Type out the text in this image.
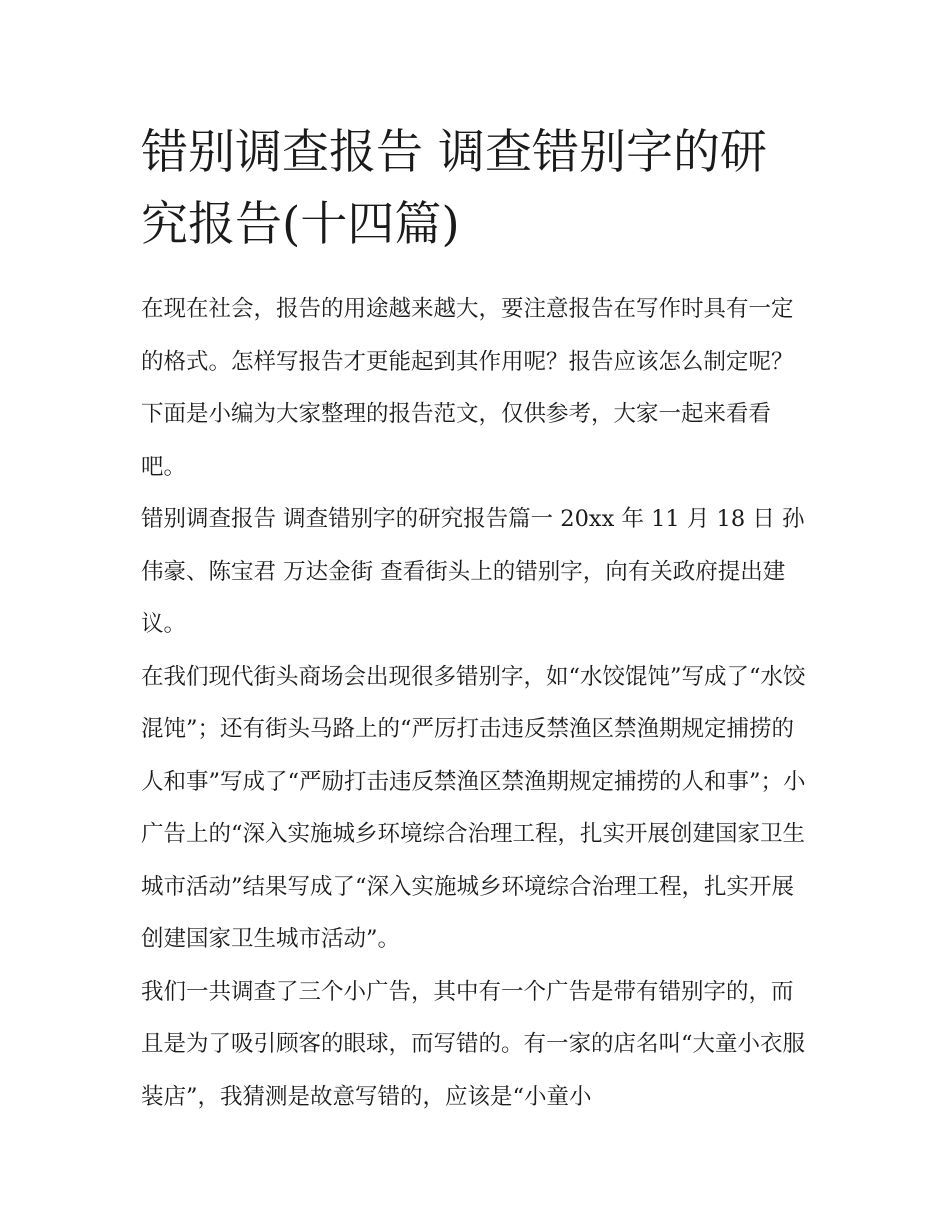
错别调查报告 调查错别字的研究报告(十四篇)

在现在社会，报告的用途越来越大，要注意报告在写作时具有一定的格式。怎样写报告才更能起到其作用呢？报告应该怎么制定呢？下面是小编为大家整理的报告范文，仅供参考，大家一起来看看吧。

错别调查报告 调查错别字的研究报告篇一 20xx 年 11 月 18 日 孙伟豪、陈宝君 万达金街 查看街头上的错别字，向有关政府提出建议。

在我们现代街头商场会出现很多错别字，如“水饺馄饨”写成了“水饺混饨”；还有街头马路上的“严厉打击违反禁渔区禁渔期规定捕捞的人和事”写成了“严励打击违反禁渔区禁渔期规定捕捞的人和事”；小广告上的“深入实施城乡环境综合治理工程，扎实开展创建国家卫生城市活动”结果写成了“深入实施城乡环境综合治理工程，扎实开展创建国家卫生城市活动”。

我们一共调查了三个小广告，其中有一个广告是带有错别字的，而且是为了吸引顾客的眼球，而写错的。有一家的店名叫“大童小衣服装店”，我猜测是故意写错的，应该是“小童小
